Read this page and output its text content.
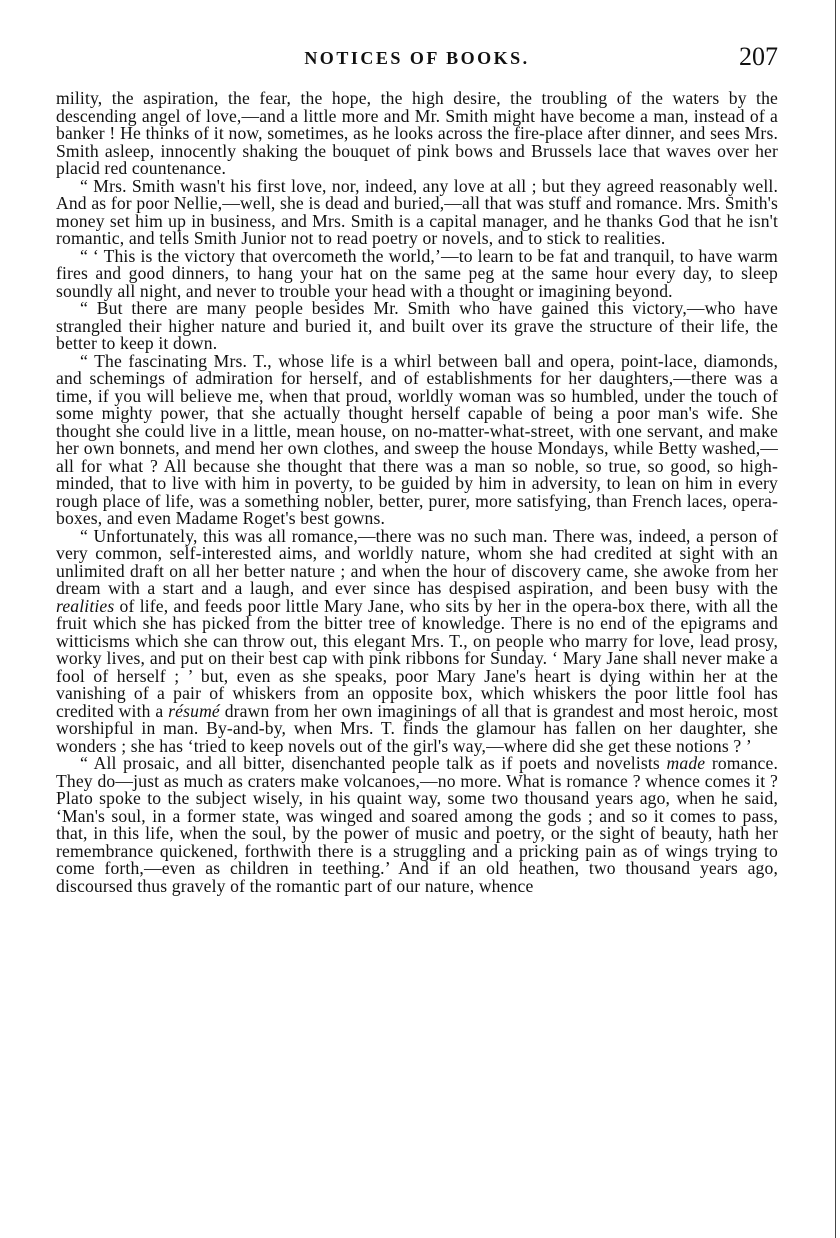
NOTICES OF BOOKS.	207

mility, the aspiration, the fear, the hope, the high desire, the troubling of the waters by the descending angel of love,—and a little more and Mr. Smith might have become a man, instead of a banker ! He thinks of it now, sometimes, as he looks across the fire-place after dinner, and sees Mrs. Smith asleep, innocently shaking the bouquet of pink bows and Brussels lace that waves over her placid red countenance.

“ Mrs. Smith wasn't his first love, nor, indeed, any love at all ; but they agreed reasonably well. And as for poor Nellie,—well, she is dead and buried,—all that was stuff and romance. Mrs. Smith's money set him up in business, and Mrs. Smith is a capital manager, and he thanks God that he isn't romantic, and tells Smith Junior not to read poetry or novels, and to stick to realities.

“ ‘ This is the victory that overcometh the world,’—to learn to be fat and tranquil, to have warm fires and good dinners, to hang your hat on the same peg at the same hour every day, to sleep soundly all night, and never to trouble your head with a thought or imagining beyond.

“ But there are many people besides Mr. Smith who have gained this victory,—who have strangled their higher nature and buried it, and built over its grave the structure of their life, the better to keep it down.

“ The fascinating Mrs. T., whose life is a whirl between ball and opera, point-lace, diamonds, and schemings of admiration for herself, and of establishments for her daughters,—there was a time, if you will believe me, when that proud, worldly woman was so humbled, under the touch of some mighty power, that she actually thought herself capable of being a poor man's wife. She thought she could live in a little, mean house, on no-matter-what-street, with one servant, and make her own bonnets, and mend her own clothes, and sweep the house Mondays, while Betty washed,—all for what ? All because she thought that there was a man so noble, so true, so good, so high-minded, that to live with him in poverty, to be guided by him in adversity, to lean on him in every rough place of life, was a something nobler, better, purer, more satisfying, than French laces, opera-boxes, and even Madame Roget's best gowns.

“ Unfortunately, this was all romance,—there was no such man. There was, indeed, a person of very common, self-interested aims, and worldly nature, whom she had credited at sight with an unlimited draft on all her better nature ; and when the hour of discovery came, she awoke from her dream with a start and a laugh, and ever since has despised aspiration, and been busy with the realities of life, and feeds poor little Mary Jane, who sits by her in the opera-box there, with all the fruit which she has picked from the bitter tree of knowledge. There is no end of the epigrams and witticisms which she can throw out, this elegant Mrs. T., on people who marry for love, lead prosy, worky lives, and put on their best cap with pink ribbons for Sunday. ‘ Mary Jane shall never make a fool of herself ; ’ but, even as she speaks, poor Mary Jane's heart is dying within her at the vanishing of a pair of whiskers from an opposite box, which whiskers the poor little fool has credited with a résumé drawn from her own imaginings of all that is grandest and most heroic, most worshipful in man. By-and-by, when Mrs. T. finds the glamour has fallen on her daughter, she wonders ; she has ‘tried to keep novels out of the girl's way,—where did she get these notions ? ’

“ All prosaic, and all bitter, disenchanted people talk as if poets and novelists made romance. They do—just as much as craters make volcanoes,—no more. What is romance ? whence comes it ? Plato spoke to the subject wisely, in his quaint way, some two thousand years ago, when he said, ‘Man's soul, in a former state, was winged and soared among the gods ; and so it comes to pass, that, in this life, when the soul, by the power of music and poetry, or the sight of beauty, hath her remembrance quickened, forthwith there is a struggling and a pricking pain as of wings trying to come forth,—even as children in teething.’ And if an old heathen, two thousand years ago, discoursed thus gravely of the romantic part of our nature, whence
